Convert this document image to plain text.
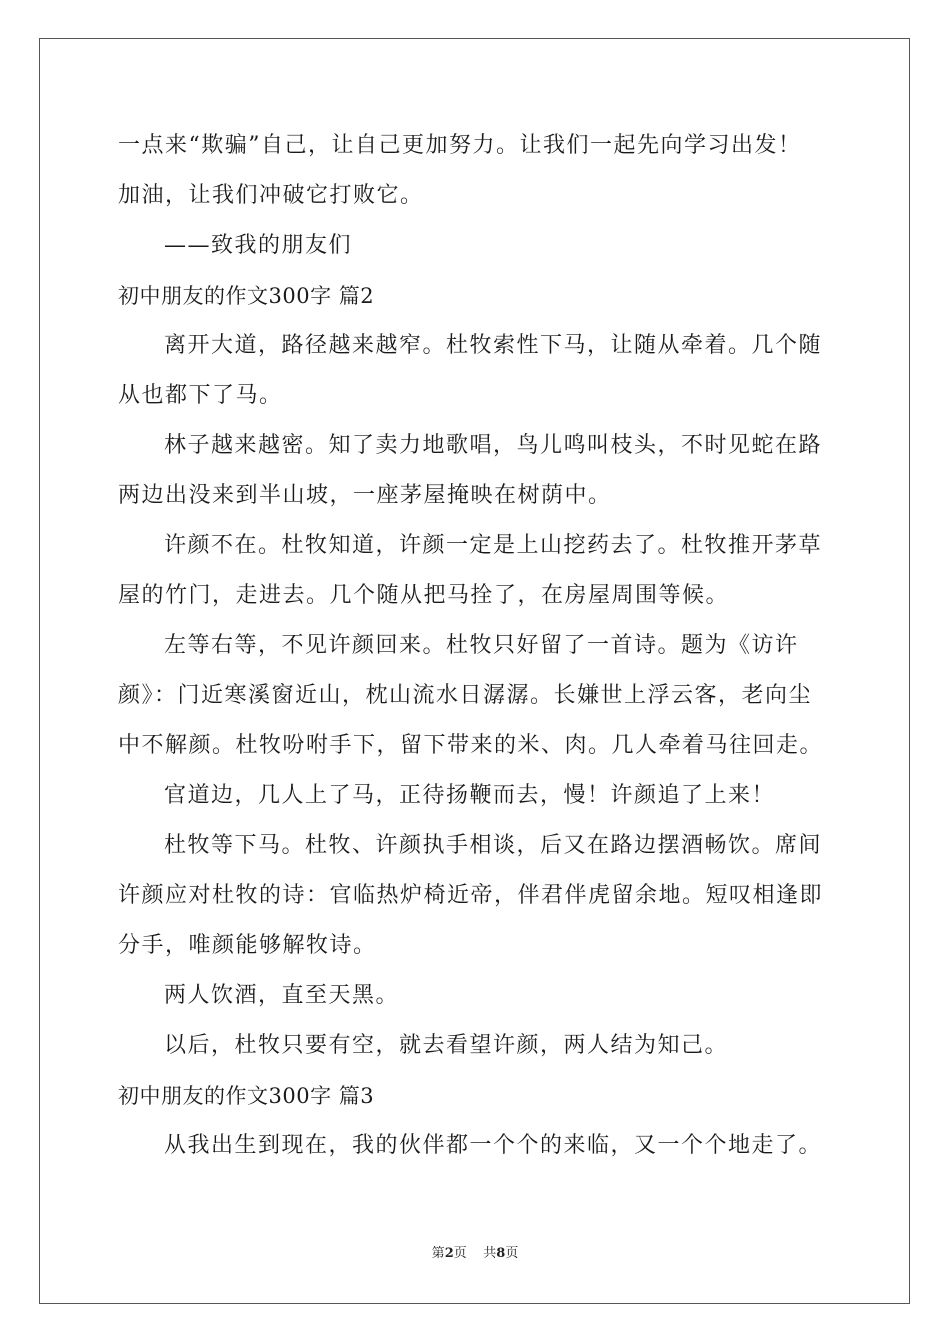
一点来“欺骗”自己，让自己更加努力。让我们一起先向学习出发！
加油，让我们冲破它打败它。
——致我的朋友们
初中朋友的作文300字 篇2
离开大道，路径越来越窄。杜牧索性下马，让随从牵着。几个随
从也都下了马。
林子越来越密。知了卖力地歌唱，鸟儿鸣叫枝头，不时见蛇在路
两边出没来到半山坡，一座茅屋掩映在树荫中。
许颜不在。杜牧知道，许颜一定是上山挖药去了。杜牧推开茅草
屋的竹门，走进去。几个随从把马拴了，在房屋周围等候。
左等右等，不见许颜回来。杜牧只好留了一首诗。题为《访许
颜》：门近寒溪窗近山，枕山流水日潺潺。长嫌世上浮云客，老向尘
中不解颜。杜牧吩咐手下，留下带来的米、肉。几人牵着马往回走。
官道边，几人上了马，正待扬鞭而去，慢！许颜追了上来！
杜牧等下马。杜牧、许颜执手相谈，后又在路边摆酒畅饮。席间
许颜应对杜牧的诗：官临热炉椅近帝，伴君伴虎留余地。短叹相逢即
分手，唯颜能够解牧诗。
两人饮酒，直至天黑。
以后，杜牧只要有空，就去看望许颜，两人结为知己。
初中朋友的作文300字 篇3
从我出生到现在，我的伙伴都一个个的来临，又一个个地走了。
第2页    共8页
